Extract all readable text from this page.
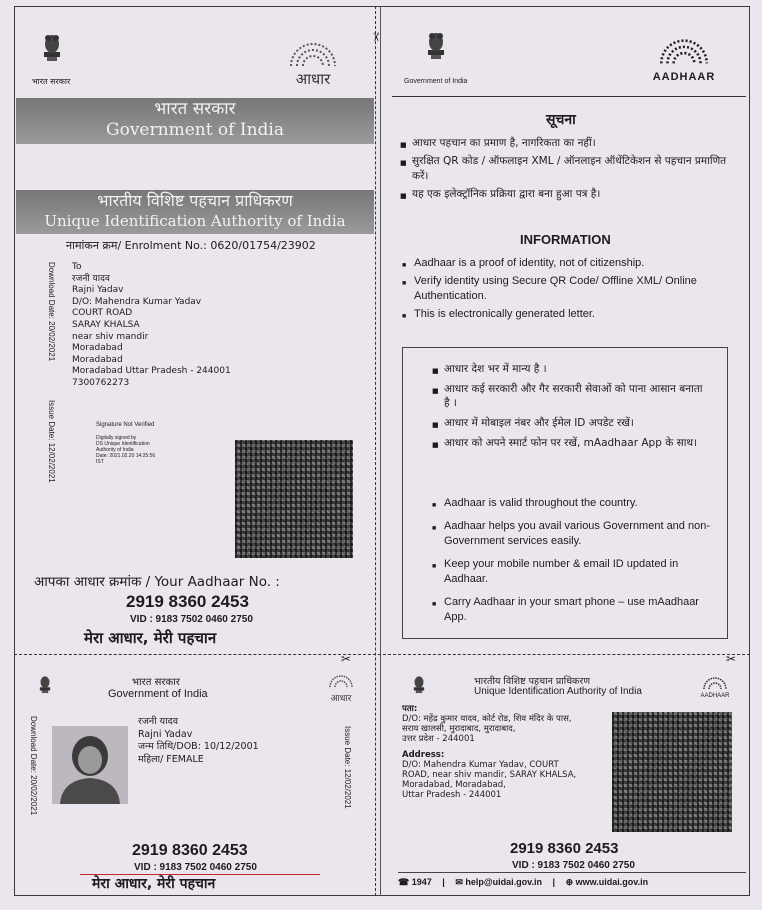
✂
✂	✂
भारत सरकार	आधार
भारत सरकार
Government of India
भारतीय विशिष्ट पहचान प्राधिकरण
Unique Identification Authority of India
नामांकन क्रम/ Enrolment No.: 0620/01754/23902
Download Date: 20/02/2021
Issue Date: 12/02/2021
To
रजनी यादव
Rajni Yadav
D/O: Mahendra Kumar Yadav
COURT ROAD
SARAY KHALSA
near shiv mandir
Moradabad
Moradabad
Moradabad Uttar Pradesh - 244001
7300762273
Signature Not Verified
Digitally signed by
DS Unique Identification
Authority of India
Date: 2021.02.20 14:25:56
IST
आपका आधार क्रमांक / Your Aadhaar No. :
2919 8360 2453
VID : 9183 7502 0460 2750
मेरा आधार, मेरी पहचान
Government of India	AADHAAR
सूचना
■ आधार पहचान का प्रमाण है, नागरिकता का नहीं।
■ सुरक्षित QR कोड / ऑफलाइन XML / ऑनलाइन ऑथेंटिकेशन से पहचान प्रमाणित करें।
■ यह एक इलेक्ट्रॉनिक प्रक्रिया द्वारा बना हुआ पत्र है।
INFORMATION
■ Aadhaar is a proof of identity, not of citizenship.
■ Verify identity using Secure QR Code/ Offline XML/ Online Authentication.
■ This is electronically generated letter.
■ आधार देश भर में मान्य है ।
■ आधार कई सरकारी और गैर सरकारी सेवाओं को पाना आसान बनाता है ।
■ आधार में मोबाइल नंबर और ईमेल ID अपडेट रखें।
■ आधार को अपने स्मार्ट फोन पर रखें, mAadhaar App के साथ।
■ Aadhaar is valid throughout the country.
■ Aadhaar helps you avail various Government and non-Government services easily.
■ Keep your mobile number & email ID updated in Aadhaar.
■ Carry Aadhaar in your smart phone – use mAadhaar App.
भारत सरकार
Government of India	आधार
Download Date: 20/02/2021	Issue Date: 12/02/2021
रजनी यादव
Rajni Yadav
जन्म तिथि/DOB: 10/12/2001
महिला/ FEMALE
2919 8360 2453
VID : 9183 7502 0460 2750
मेरा आधार, मेरी पहचान
भारतीय विशिष्ट पहचान प्राधिकरण
Unique Identification Authority of India	AADHAAR
पता:
D/O: महेंद्र कुमार यादव, कोर्ट रोड, शिव मंदिर के पास,
सराय खालसी, मुरादाबाद, मुरादाबाद,
उत्तर प्रदेश - 244001
Address:
D/O: Mahendra Kumar Yadav, COURT
ROAD, near shiv mandir, SARAY KHALSA,
Moradabad, Moradabad,
Uttar Pradesh - 244001
2919 8360 2453
VID : 9183 7502 0460 2750
☎ 1947 | ✉ help@uidai.gov.in | ⊕ www.uidai.gov.in
